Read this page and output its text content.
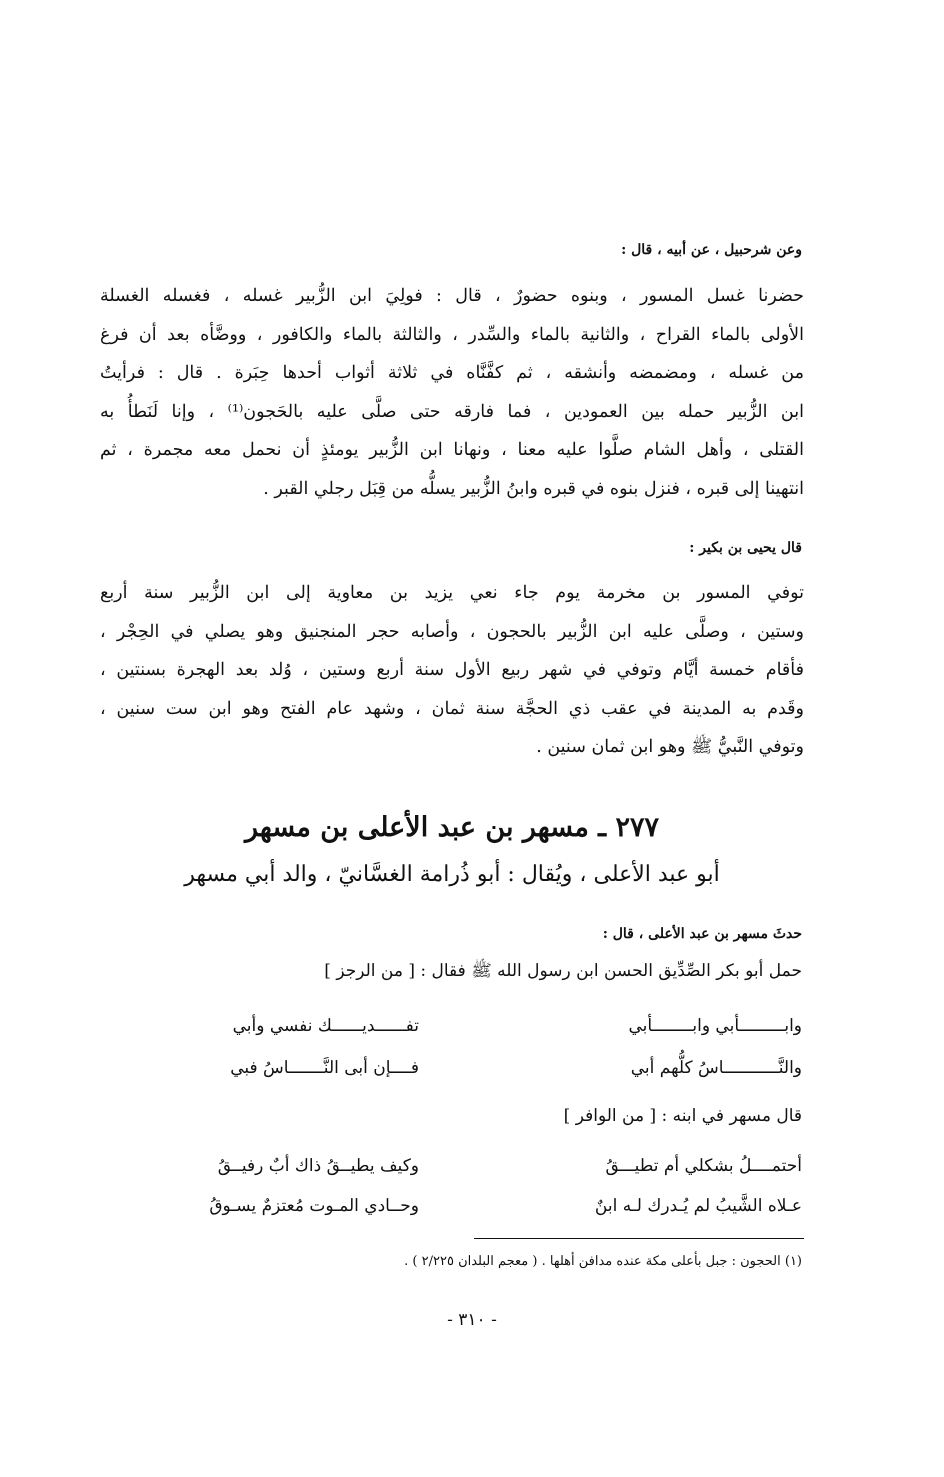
وعن شرحبيل ، عن أبيه ، قال :
حضرنا غسل المسور ، وبنوه حضورٌ ، قال : فولِيَ ابن الزُّبير غسله ، فغسله الغسلة
الأولى بالماء القراح ، والثانية بالماء والسِّدر ، والثالثة بالماء والكافور ، ووضَّأه بعد أن فرغ
من غسله ، ومضمضه وأنشقه ، ثم كفَّنَّاه في ثلاثة أثواب أحدها حِبَرة . قال : فرأيتُ
ابن الزُّبير حمله بين العمودين ، فما فارقه حتى صلَّى عليه بالحَجون⁽¹⁾ ، وإنا لَنَطأُ به
القتلى ، وأهل الشام صلَّوا عليه معنا ، ونهانا ابن الزُّبير يومئذٍ أن نحمل معه مجمرة ، ثم
انتهينا إلى قبره ، فنزل بنوه في قبره وابنُ الزُّبير يسلُّه من قِبَل رجلي القبر .
قال يحيى بن بكير :
توفي المسور بن مخرمة يوم جاء نعي يزيد بن معاوية إلى ابن الزُّبير سنة أربع
وستين ، وصلَّى عليه ابن الزُّبير بالحجون ، وأصابه حجر المنجنيق وهو يصلي في الحِجْر ،
فأقام خمسة أيَّام وتوفي في شهر ربيع الأول سنة أربع وستين ، وُلد بعد الهجرة بسنتين ،
وقَدم به المدينة في عقب ذي الحجَّة سنة ثمان ، وشهد عام الفتح وهو ابن ست سنين ،
وتوفي النَّبيُّ ﷺ وهو ابن ثمان سنين .
٢٧٧ ـ مسهر بن عبد الأعلى بن مسهر
أبو عبد الأعلى ، ويُقال : أبو ذُرامة الغسَّانيّ ، والد أبي مسهر
حدثَ مسهر بن عبد الأعلى ، قال :
حمل أبو بكر الصِّدِّيق الحسن ابن رسول الله ﷺ فقال : [ من الرجز ]
وابـــــــــأبي وابــــــــأبي
تفــــــديــــــك نفسي وأبي
والنَّـــــــــــاسُ كلُّهم أبي
فــــإن أبى النَّـــــــاسُ فبي
قال مسهر في ابنه : [ من الوافر ]
أحتمــــلُ بشكلي أم تطيـــقُ
وكيف يطيــقُ ذاك أبٌ رفيــقُ
عـلاه الشَّيبُ لم يُـدرك لـه ابنٌ
وحــادي المـوت مُعتزمٌ يسـوقُ
(١) الحجون : جبل بأعلى مكة عنده مدافن أهلها . ( معجم البلدان ٢/٢٢٥ ) .
- ٣١٠ -
